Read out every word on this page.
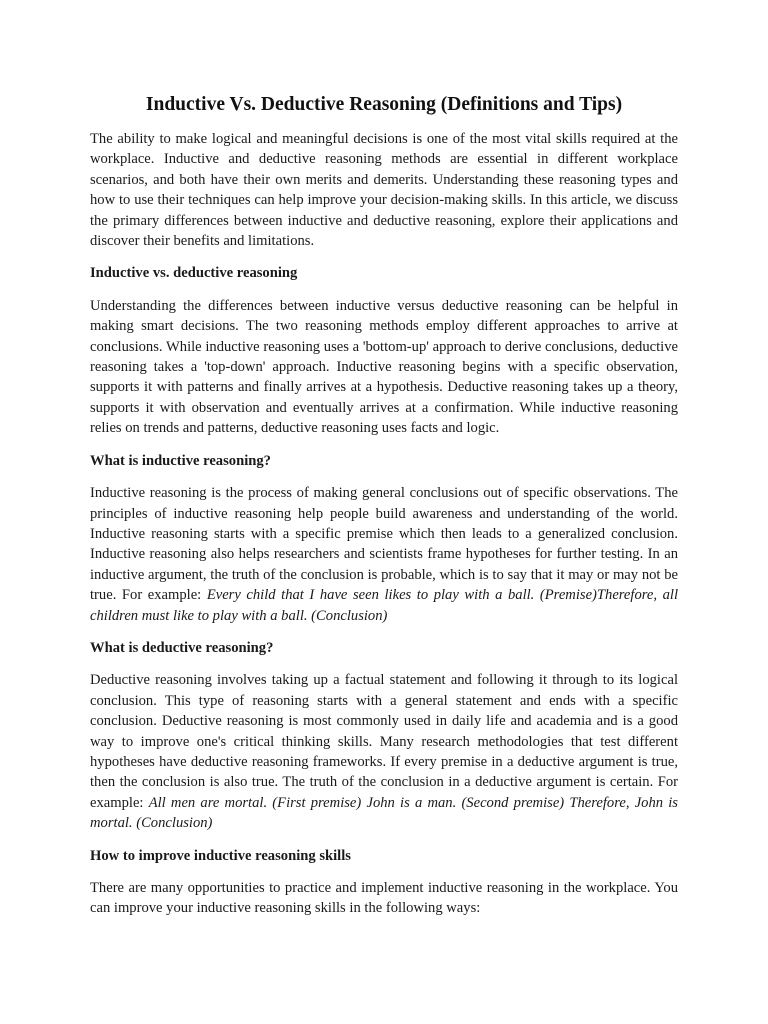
Inductive Vs. Deductive Reasoning (Definitions and Tips)

The ability to make logical and meaningful decisions is one of the most vital skills required at the workplace. Inductive and deductive reasoning methods are essential in different workplace scenarios, and both have their own merits and demerits. Understanding these reasoning types and how to use their techniques can help improve your decision-making skills. In this article, we discuss the primary differences between inductive and deductive reasoning, explore their applications and discover their benefits and limitations.

Inductive vs. deductive reasoning

Understanding the differences between inductive versus deductive reasoning can be helpful in making smart decisions. The two reasoning methods employ different approaches to arrive at conclusions. While inductive reasoning uses a 'bottom-up' approach to derive conclusions, deductive reasoning takes a 'top-down' approach. Inductive reasoning begins with a specific observation, supports it with patterns and finally arrives at a hypothesis. Deductive reasoning takes up a theory, supports it with observation and eventually arrives at a confirmation. While inductive reasoning relies on trends and patterns, deductive reasoning uses facts and logic.

What is inductive reasoning?

Inductive reasoning is the process of making general conclusions out of specific observations. The principles of inductive reasoning help people build awareness and understanding of the world. Inductive reasoning starts with a specific premise which then leads to a generalized conclusion. Inductive reasoning also helps researchers and scientists frame hypotheses for further testing. In an inductive argument, the truth of the conclusion is probable, which is to say that it may or may not be true. For example: Every child that I have seen likes to play with a ball. (Premise)Therefore, all children must like to play with a ball. (Conclusion)

What is deductive reasoning?

Deductive reasoning involves taking up a factual statement and following it through to its logical conclusion. This type of reasoning starts with a general statement and ends with a specific conclusion. Deductive reasoning is most commonly used in daily life and academia and is a good way to improve one's critical thinking skills. Many research methodologies that test different hypotheses have deductive reasoning frameworks. If every premise in a deductive argument is true, then the conclusion is also true. The truth of the conclusion in a deductive argument is certain. For example: All men are mortal. (First premise) John is a man. (Second premise) Therefore, John is mortal. (Conclusion)

How to improve inductive reasoning skills

There are many opportunities to practice and implement inductive reasoning in the workplace. You can improve your inductive reasoning skills in the following ways:
